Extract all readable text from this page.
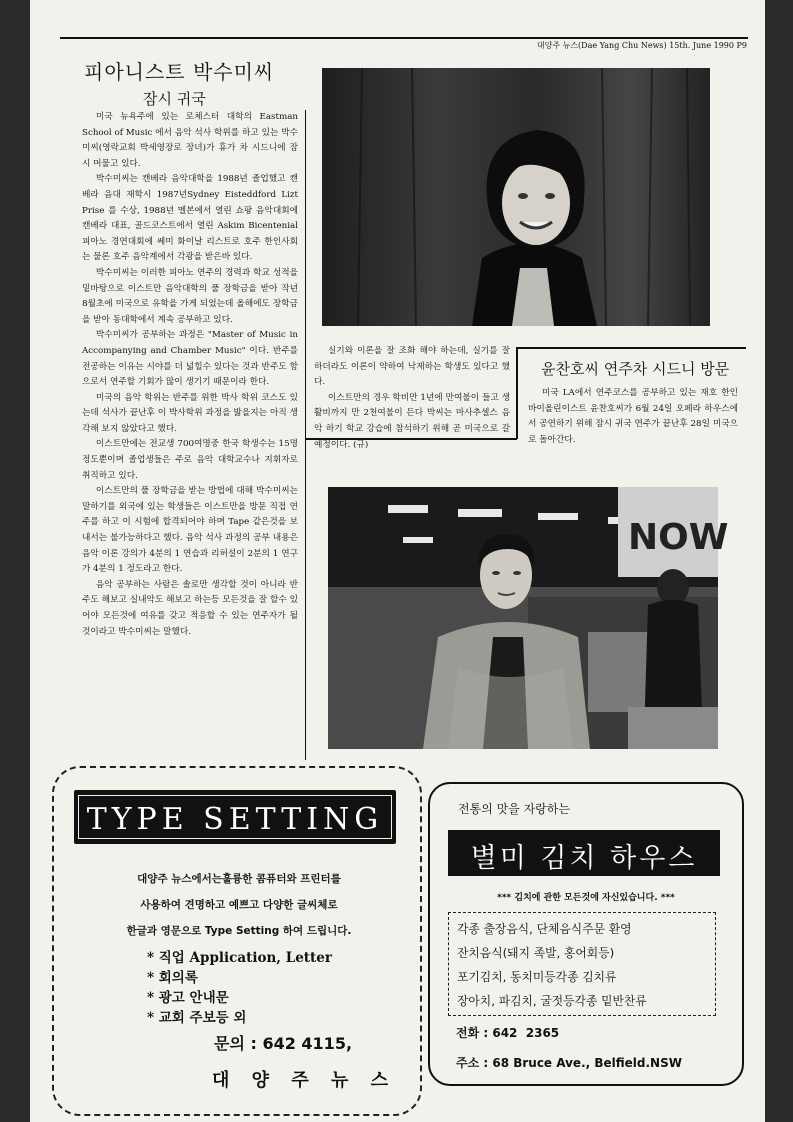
대양주 뉴스(Dae Yang Chu News) 15th. June 1990 P9
피아니스트 박수미씨
잠시 귀국

미국 뉴욕주에 있는 로체스터 대학의 Eastman School of Music 에서 음악 석사 학위를 하고 있는 박수미씨(영락교회 박세영장로 장녀)가 휴가 차 시드니에 잠시 머물고 있다.

박수미씨는 캔베라 음악대학을 1988년 졸업했고 캔베라 음대 재학시 1987년Sydney Eisteddford Lizt Prise 를 수상, 1988년 멜본에서 열린 쇼팡 음악대회에 캔베라 대표, 골드코스트에서 열린 Askim Bicentenial 피아노 경연대회에 쎄미 화이날 리스트로 호주 한인사회는 물론 호주 음악계에서 각광을 받은바 있다.

박수미씨는 이러한 피아노 연주의 경력과 학교 성적을 밑바탕으로 이스트만 음악대학의 풀 장학금을 받아 작년 8월초에 미국으로 유학을 가게 되었는데 올해에도 장학금을 받아 동대학에서 계속 공부하고 있다.

박수미씨가 공부하는 과정은 "Master of Music in Accompanying and Chamber Music" 이다. 반주를 전공하는 이유는 시야를 더 넓힐수 있다는 것과 반주도 함으로서 연주할 기회가 많이 생기기 때문이라 한다.

미국의 음악 학위는 반주를 위한 박사 학위 코스도 있는데 석사가 끝난후 이 박사학위 과정을 밟을지는 아직 생각해 보지 않았다고 했다.

이스트만에는 전교생 700여명중 한국 학생수는 15명 정도뿐이며 졸업생들은 주로 음악 대학교수나 지휘자로 취직하고 있다.

이스트만의 풀 장학금을 받는 방법에 대해 박수미씨는 말하기를 외국에 있는 학생들은 이스트만을 방문 직접 연주를 하고 이 시험에 합격되어야 하며 Tape 같은것을 보내서는 불가능하다고 했다. 음악 석사 과정의 공부 내용은 음악 이론 강의가 4분의 1 연습과 리허설이 2분의 1 연구가 4분의 1 정도라고 한다.

음악 공부하는 사람은 솔로만 생각할 것이 아니라 반주도 해보고 실내악도 해보고 하는등 모든것을 잘 할수 있어야 모든것에 여유를 갖고 적응할 수 있는 연주자가 될 것이라고 박수미씨는 말했다.

실기와 이론을 잘 조화 해야 하는데, 실기를 잘 하더라도 이론이 약하여 낙제하는 학생도 있다고 했다.

이스트만의 경우 학비만 1년에 만여불이 들고 생활비까지 만 2천여불이 든다 박씨는 마사추셀스 음악 하기 학교 강습에 참석하기 위해 곧 미국으로 갈 예정이다. (규)

윤찬호씨 연주차 시드니 방문

미국 LA에서 연주코스를 공부하고 있는 재호 한인 바이올린이스트 윤찬호씨가 6월 24일 오페라 하우스에서 공연하기 위해 잠시 귀국 연주가 끝난후 28일 미국으로 돌아간다.

NOW
TYPE SETTING
대양주 뉴스에서는훌륭한 콤퓨터와 프린터를
사용하여 견명하고 예쁘고 다양한 글씨체로
한글과 영문으로 Type Setting 하여 드립니다.
* 직업 Application, Letter
* 회의록
* 광고 안내문
* 교회 주보등 외
문의 : 642 4115,
대 양 주 뉴 스
전통의 맛을 자랑하는
별미 김치 하우스
*** 김치에 관한 모든것에 자신있습니다. ***
각종 출장음식, 단체음식주문 환영
잔치음식(돼지 족발, 홍어회등)
포기김치, 동치미등각종 김치류
장아치, 파김치, 굴젓등각종 밑반찬류
전화 : 642  2365
주소 : 68 Bruce Ave., Belfield.NSW
